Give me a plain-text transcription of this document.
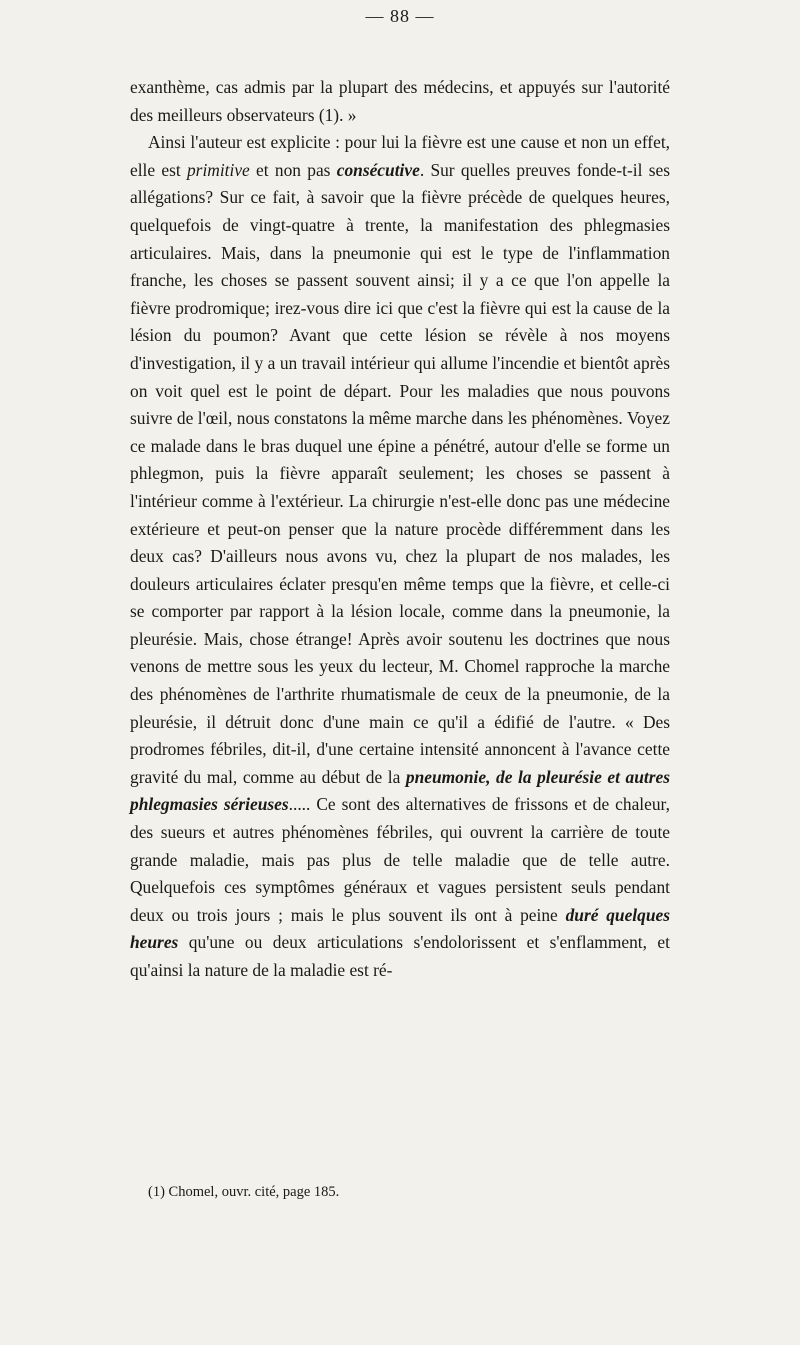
— 88 —

exanthème, cas admis par la plupart des médecins, et appuyés sur l'autorité des meilleurs observateurs (1). »

Ainsi l'auteur est explicite : pour lui la fièvre est une cause et non un effet, elle est primitive et non pas consécutive. Sur quelles preuves fonde-t-il ses allégations? Sur ce fait, à savoir que la fièvre précède de quelques heures, quelquefois de vingt-quatre à trente, la manifestation des phlegmasies articulaires. Mais, dans la pneumonie qui est le type de l'inflammation franche, les choses se passent souvent ainsi; il y a ce que l'on appelle la fièvre prodromique; irez-vous dire ici que c'est la fièvre qui est la cause de la lésion du poumon? Avant que cette lésion se révèle à nos moyens d'investigation, il y a un travail intérieur qui allume l'incendie et bientôt après on voit quel est le point de départ. Pour les maladies que nous pouvons suivre de l'œil, nous constatons la même marche dans les phénomènes. Voyez ce malade dans le bras duquel une épine a pénétré, autour d'elle se forme un phlegmon, puis la fièvre apparaît seulement; les choses se passent à l'intérieur comme à l'extérieur. La chirurgie n'est-elle donc pas une médecine extérieure et peut-on penser que la nature procède différemment dans les deux cas? D'ailleurs nous avons vu, chez la plupart de nos malades, les douleurs articulaires éclater presqu'en même temps que la fièvre, et celle-ci se comporter par rapport à la lésion locale, comme dans la pneumonie, la pleurésie. Mais, chose étrange! Après avoir soutenu les doctrines que nous venons de mettre sous les yeux du lecteur, M. Chomel rapproche la marche des phénomènes de l'arthrite rhumatismale de ceux de la pneumonie, de la pleurésie, il détruit donc d'une main ce qu'il a édifié de l'autre. « Des prodromes fébriles, dit-il, d'une certaine intensité annoncent à l'avance cette gravité du mal, comme au début de la pneumonie, de la pleurésie et autres phlegmasies sérieuses..... Ce sont des alternatives de frissons et de chaleur, des sueurs et autres phénomènes fébriles, qui ouvrent la carrière de toute grande maladie, mais pas plus de telle maladie que de telle autre. Quelquefois ces symptômes généraux et vagues persistent seuls pendant deux ou trois jours ; mais le plus souvent ils ont à peine duré quelques heures qu'une ou deux articulations s'endolorissent et s'enflamment, et qu'ainsi la nature de la maladie est ré-

(1) Chomel, ouvr. cité, page 185.
